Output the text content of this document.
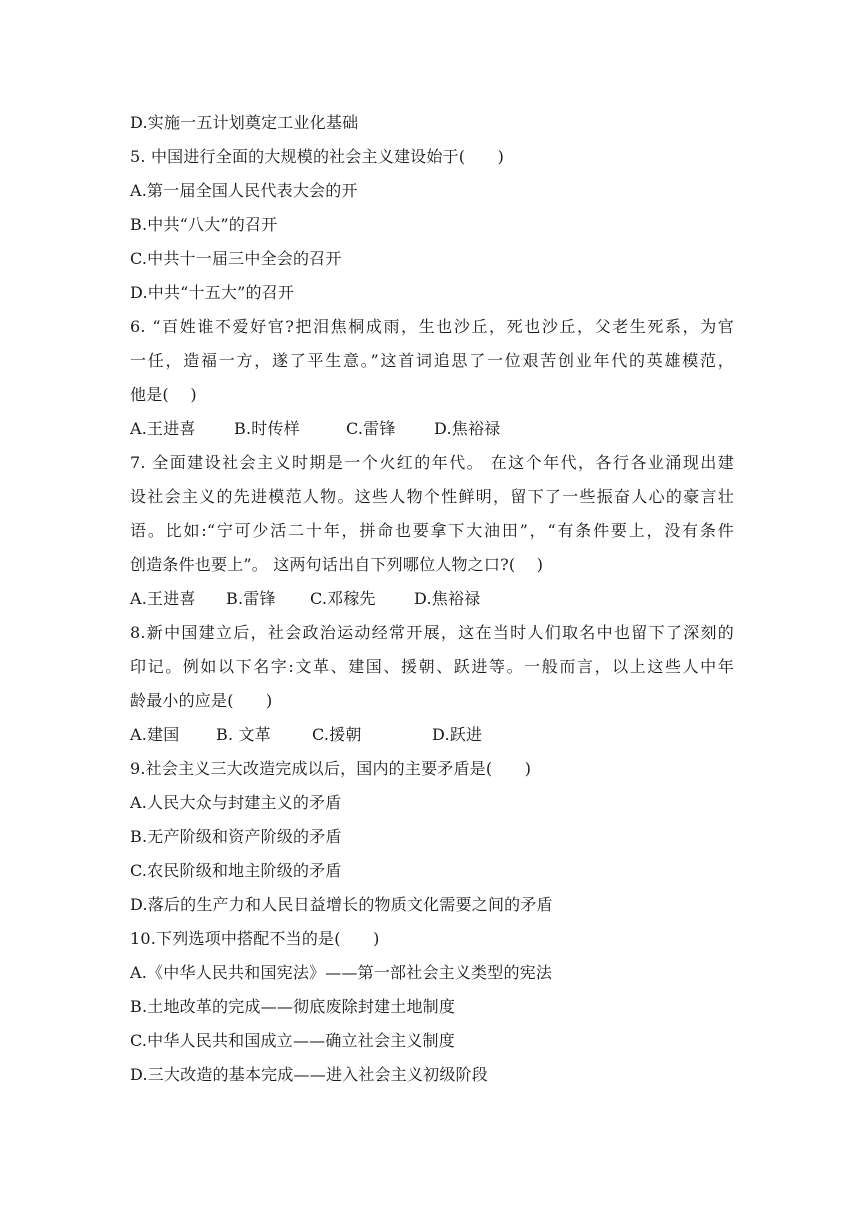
D.实施一五计划奠定工业化基础
5. 中国进行全面的大规模的社会主义建设始于(　　)
A.第一届全国人民代表大会的开
B.中共“八大”的召开
C.中共十一届三中全会的召开
D.中共“十五大”的召开
6. “百姓谁不爱好官?把泪焦桐成雨，生也沙丘，死也沙丘，父老生死系，为官
一任，造福一方，遂了平生意。”这首词追思了一位艰苦创业年代的英雄模范，
他是(　 )
A.王进喜	B.时传样	C.雷锋	D.焦裕禄
7. 全面建设社会主义时期是一个火红的年代。 在这个年代，各行各业涌现出建
设社会主义的先进模范人物。这些人物个性鲜明，留下了一些振奋人心的豪言壮
语。比如:“宁可少活二十年，拼命也要拿下大油田”，“有条件要上，没有条件
创造条件也要上”。 这两句话出自下列哪位人物之口?(　 )
A.王进喜	B.雷锋	C.邓稼先	D.焦裕禄
8.新中国建立后，社会政治运动经常开展，这在当时人们取名中也留下了深刻的
印记。例如以下名字:文革、建国、援朝、跃进等。一般而言，以上这些人中年
龄最小的应是(　　)
A.建国	B. 文革	C.援朝	D.跃进
9.社会主义三大改造完成以后，国内的主要矛盾是(　　)
A.人民大众与封建主义的矛盾
B.无产阶级和资产阶级的矛盾
C.农民阶级和地主阶级的矛盾
D.落后的生产力和人民日益增长的物质文化需要之间的矛盾
10.下列选项中搭配不当的是(　　)
A.《中华人民共和国宪法》——第一部社会主义类型的宪法
B.土地改革的完成——彻底废除封建土地制度
C.中华人民共和国成立——确立社会主义制度
D.三大改造的基本完成——进入社会主义初级阶段
